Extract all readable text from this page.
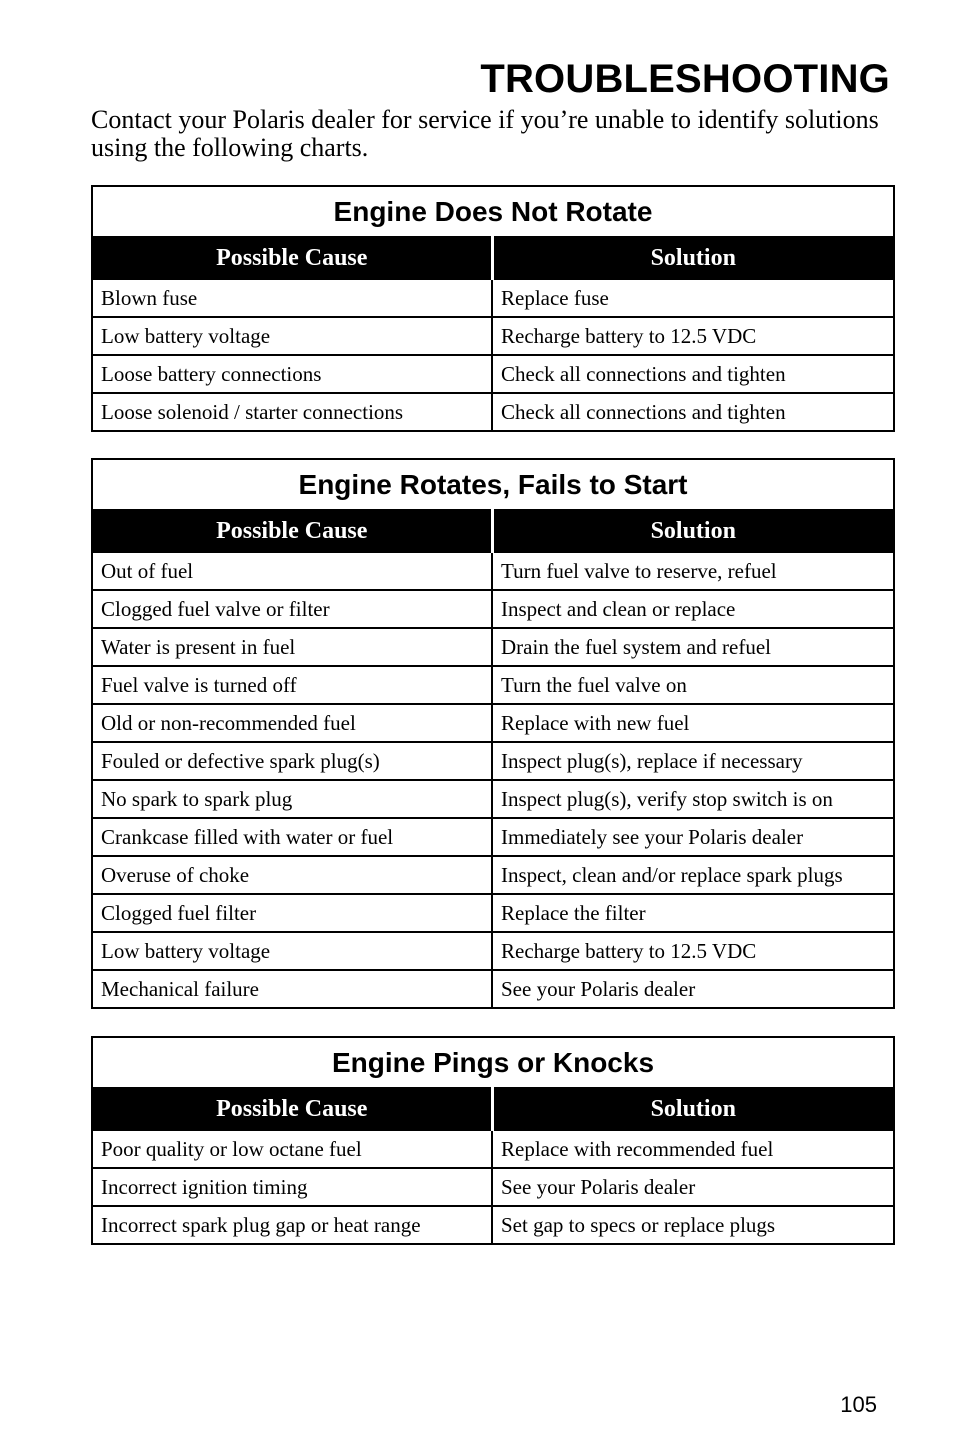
TROUBLESHOOTING

Contact your Polaris dealer for service if you’re unable to identify solutions using the following charts.

Engine Does Not Rotate	
Possible Cause	Solution
Blown fuse	Replace fuse
Low battery voltage	Recharge battery to 12.5 VDC
Loose battery connections	Check all connections and tighten
Loose solenoid / starter connections	Check all connections and tighten
Engine Rotates, Fails to Start	
Possible Cause	Solution
Out of fuel	Turn fuel valve to reserve, refuel
Clogged fuel valve or filter	Inspect and clean or replace
Water is present in fuel	Drain the fuel system and refuel
Fuel valve is turned off	Turn the fuel valve on
Old or non-recommended fuel	Replace with new fuel
Fouled or defective spark plug(s)	Inspect plug(s), replace if necessary
No spark to spark plug	Inspect plug(s), verify stop switch is on
Crankcase filled with water or fuel	Immediately see your Polaris dealer
Overuse of choke	Inspect, clean and/or replace spark plugs
Clogged fuel filter	Replace the filter
Low battery voltage	Recharge battery to 12.5 VDC
Mechanical failure	See your Polaris dealer
Engine Pings or Knocks	
Possible Cause	Solution
Poor quality or low octane fuel	Replace with recommended fuel
Incorrect ignition timing	See your Polaris dealer
Incorrect spark plug gap or heat range	Set gap to specs or replace plugs

105
